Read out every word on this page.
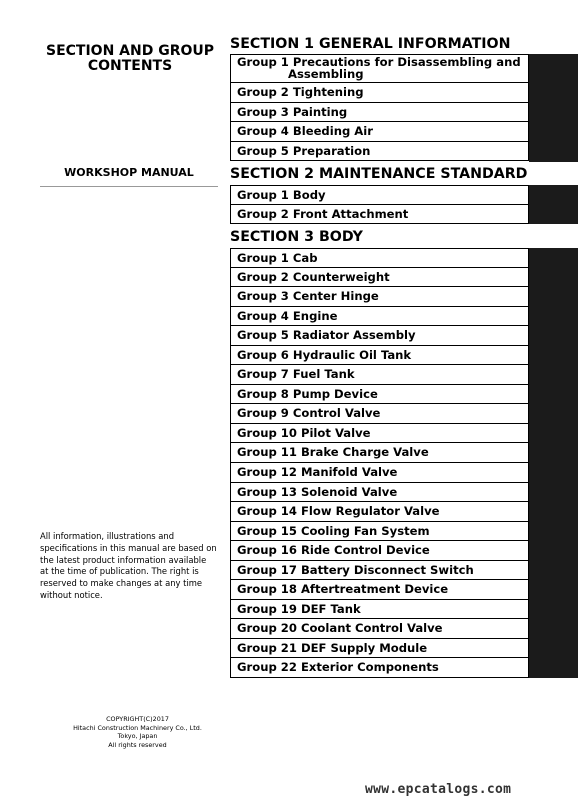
SECTION AND GROUP
CONTENTS
WORKSHOP MANUAL
All information, illustrations and
specifications in this manual are based on
the latest product information available
at the time of publication. The right is
reserved to make changes at any time
without notice.
COPYRIGHT(C)2017
Hitachi Construction Machinery Co., Ltd.
Tokyo, Japan
All rights reserved
www.epcatalogs.com
SECTION 1 GENERAL INFORMATION
Group 1 Precautions for Disassembling and
Assembling
Group 2 Tightening
Group 3 Painting
Group 4 Bleeding Air
Group 5 Preparation
SECTION 2 MAINTENANCE STANDARD
Group 1 Body
Group 2 Front Attachment
SECTION 3 BODY
Group 1 Cab
Group 2 Counterweight
Group 3 Center Hinge
Group 4 Engine
Group 5 Radiator Assembly
Group 6 Hydraulic Oil Tank
Group 7 Fuel Tank
Group 8 Pump Device
Group 9 Control Valve
Group 10 Pilot Valve
Group 11 Brake Charge Valve
Group 12 Manifold Valve
Group 13 Solenoid Valve
Group 14 Flow Regulator Valve
Group 15 Cooling Fan System
Group 16 Ride Control Device
Group 17 Battery Disconnect Switch
Group 18 Aftertreatment Device
Group 19 DEF Tank
Group 20 Coolant Control Valve
Group 21 DEF Supply Module
Group 22 Exterior Components
